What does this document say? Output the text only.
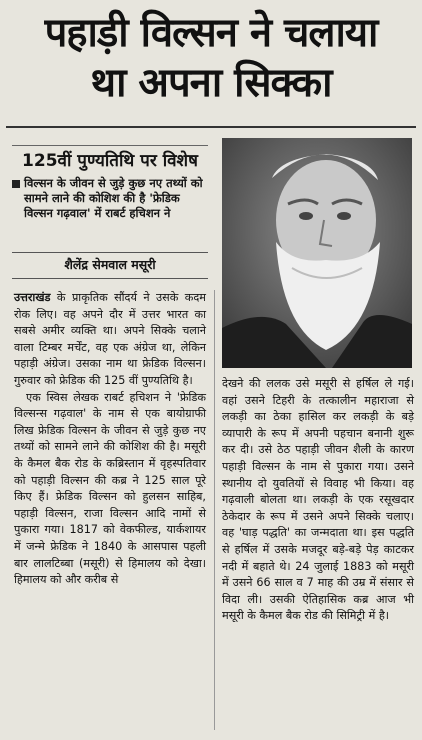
पहाड़ी विल्सन ने चलाया
था अपना सिक्का
125वीं पुण्यतिथि पर विशेष

विल्सन के जीवन से जुड़े कुछ नए तथ्यों को सामने लाने की कोशिश की है 'फ्रेडिक विल्सन गढ़वाल' में राबर्ट हचिशन ने

शैलेंद्र सेमवाल मसूरी

उत्तराखंड के प्राकृतिक सौंदर्य ने उसके कदम रोक लिए। वह अपने दौर में उत्तर भारत का सबसे अमीर व्यक्ति था। अपने सिक्के चलाने वाला टिम्बर मर्चेंट, वह एक अंग्रेज था, लेकिन पहाड़ी अंग्रेज। उसका नाम था फ्रेडिक विल्सन। गुरुवार को फ्रेडिक की 125 वीं पुण्यतिथि है।

एक स्विस लेखक राबर्ट हचिशन ने 'फ्रेडिक विल्सन्स गढ़वाल' के नाम से एक बायोग्राफी लिख फ्रेडिक विल्सन के जीवन से जुड़े कुछ नए तथ्यों को सामने लाने की कोशिश की है। मसूरी के कैमल बैक रोड के कब्रिस्तान में वृहस्पतिवार को पहाड़ी विल्सन की कब्र ने 125 साल पूरे किए हैं। फ्रेडिक विल्सन को हुलसन साहिब, पहाड़ी विल्सन, राजा विल्सन आदि नामों से पुकारा गया। 1817 को वेकफील्ड, यार्कशायर में जन्मे फ्रेडिक ने 1840 के आसपास पहली बार लालटिब्बा (मसूरी) से हिमालय को देखा। हिमालय को और करीब से

देखने की ललक उसे मसूरी से हर्षिल ले गई। वहां उसने टिहरी के तत्कालीन महाराजा से लकड़ी का ठेका हासिल कर लकड़ी के बड़े व्यापारी के रूप में अपनी पहचान बनानी शुरू कर दी। उसे ठेठ पहाड़ी जीवन शैली के कारण पहाड़ी विल्सन के नाम से पुकारा गया। उसने स्थानीय दो युवतियों से विवाह भी किया। वह गढ़वाली बोलता था। लकड़ी के एक रसूखदार ठेकेदार के रूप में उसने अपने सिक्के चलाए। वह 'घाड़ पद्धति' का जन्मदाता था। इस पद्धति से हर्षिल में उसके मजदूर बड़े-बड़े पेड़ काटकर नदी में बहाते थे। 24 जुलाई 1883 को मसूरी में उसने 66 साल व 7 माह की उम्र में संसार से विदा ली। उसकी ऐतिहासिक कब्र आज भी मसूरी के कैमल बैक रोड की सिमिट्री में है।
